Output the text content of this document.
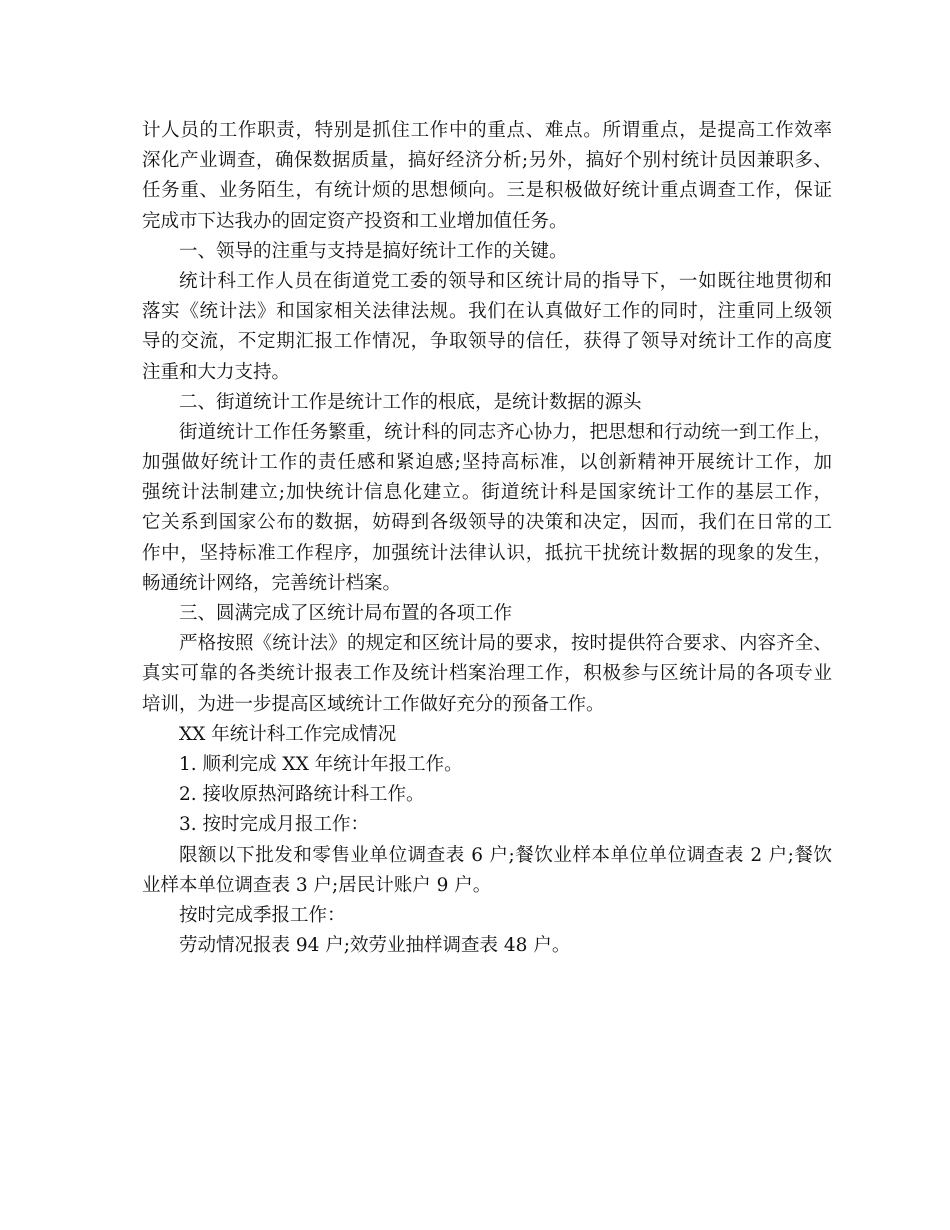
计人员的工作职责，特别是抓住工作中的重点、难点。所谓重点，是提高工作效率
深化产业调查，确保数据质量，搞好经济分析;另外，搞好个别村统计员因兼职多、
任务重、业务陌生，有统计烦的思想倾向。三是积极做好统计重点调查工作，保证
完成市下达我办的固定资产投资和工业增加值任务。
一、领导的注重与支持是搞好统计工作的关键。
统计科工作人员在街道党工委的领导和区统计局的指导下，一如既往地贯彻和
落实《统计法》和国家相关法律法规。我们在认真做好工作的同时，注重同上级领
导的交流，不定期汇报工作情况，争取领导的信任，获得了领导对统计工作的高度
注重和大力支持。
二、街道统计工作是统计工作的根底，是统计数据的源头
街道统计工作任务繁重，统计科的同志齐心协力，把思想和行动统一到工作上，
加强做好统计工作的责任感和紧迫感;坚持高标准，以创新精神开展统计工作，加
强统计法制建立;加快统计信息化建立。街道统计科是国家统计工作的基层工作，
它关系到国家公布的数据，妨碍到各级领导的决策和决定，因而，我们在日常的工
作中，坚持标准工作程序，加强统计法律认识，抵抗干扰统计数据的现象的发生，
畅通统计网络，完善统计档案。
三、圆满完成了区统计局布置的各项工作
严格按照《统计法》的规定和区统计局的要求，按时提供符合要求、内容齐全、
真实可靠的各类统计报表工作及统计档案治理工作，积极参与区统计局的各项专业
培训，为进一步提高区域统计工作做好充分的预备工作。
XX 年统计科工作完成情况
1. 顺利完成 XX 年统计年报工作。
2. 接收原热河路统计科工作。
3. 按时完成月报工作：
限额以下批发和零售业单位调查表 6 户;餐饮业样本单位单位调查表 2 户;餐饮
业样本单位调查表 3 户;居民计账户 9 户。
按时完成季报工作：
劳动情况报表 94 户;效劳业抽样调查表 48 户。
